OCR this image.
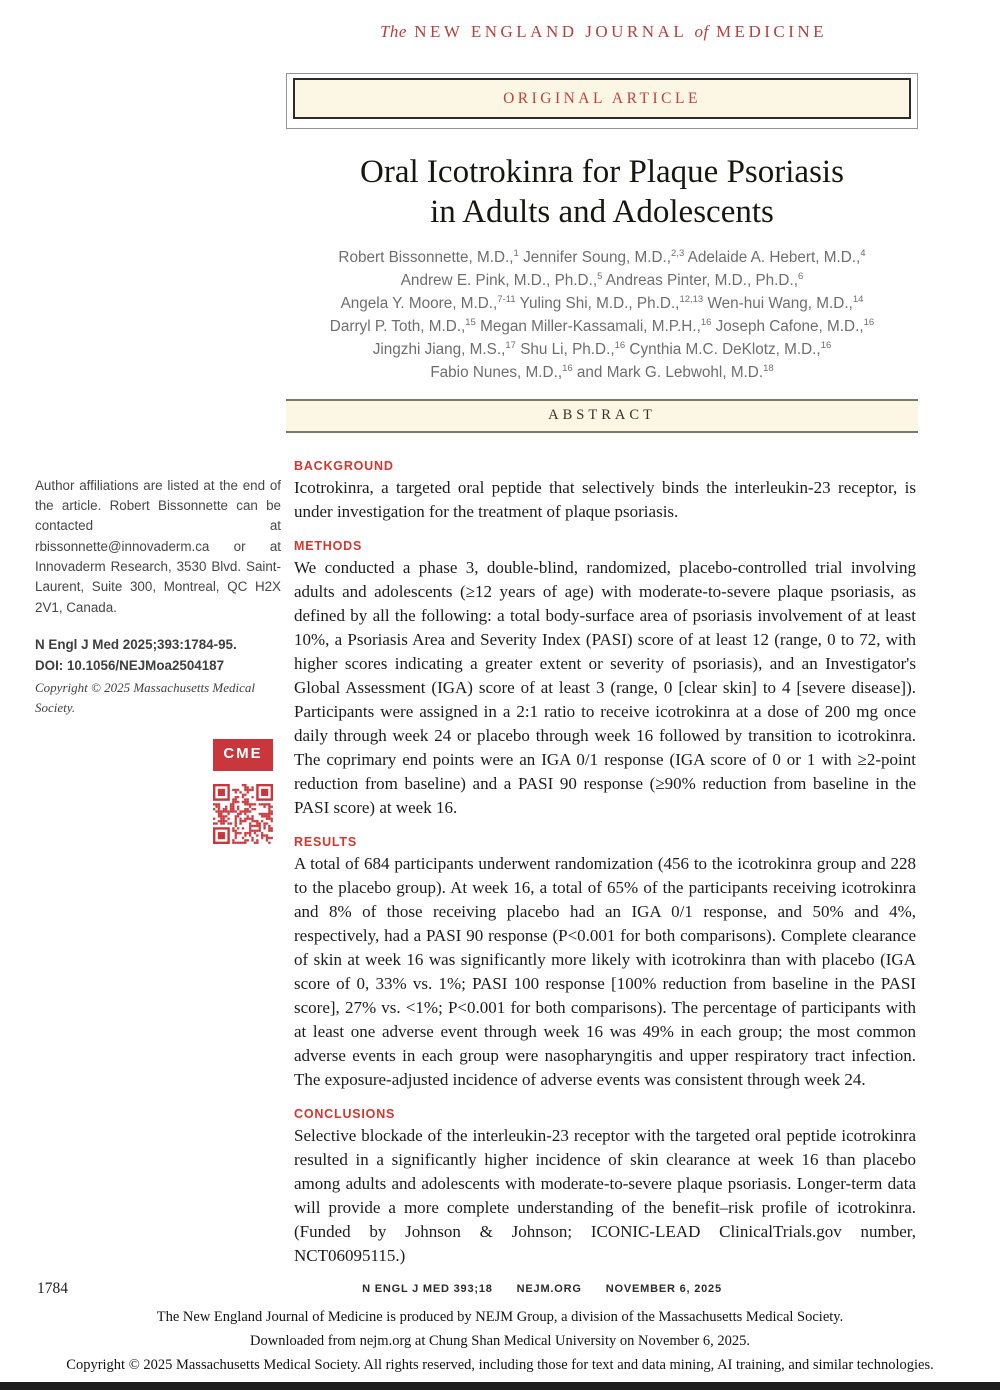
The NEW ENGLAND JOURNAL of MEDICINE
ORIGINAL ARTICLE
Oral Icotrokinra for Plaque Psoriasis
in Adults and Adolescents
Robert Bissonnette, M.D.,$^1$ Jennifer Soung, M.D.,$^{2,3}$ Adelaide A. Hebert, M.D.,$^4$
Andrew E. Pink, M.D., Ph.D.,$^5$ Andreas Pinter, M.D., Ph.D.,$^6$
Angela Y. Moore, M.D.,$^{7-11}$ Yuling Shi, M.D., Ph.D.,$^{12,13}$ Wen-hui Wang, M.D.,$^{14}$
Darryl P. Toth, M.D.,$^{15}$ Megan Miller-Kassamali, M.P.H.,$^{16}$ Joseph Cafone, M.D.,$^{16}$
Jingzhi Jiang, M.S.,$^{17}$ Shu Li, Ph.D.,$^{16}$ Cynthia M.C. DeKlotz, M.D.,$^{16}$
Fabio Nunes, M.D.,$^{16}$ and Mark G. Lebwohl, M.D.$^{18}$
ABSTRACT

Author affiliations are listed at the end of the article. Robert Bissonnette can be contacted at rbissonnette@innovaderm.ca or at Innovaderm Research, 3530 Blvd. Saint-Laurent, Suite 300, Montreal, QC H2X 2V1, Canada.

N Engl J Med 2025;393:1784-95.

DOI: 10.1056/NEJMoa2504187

Copyright © 2025 Massachusetts Medical Society.

CME
BACKGROUND

Icotrokinra, a targeted oral peptide that selectively binds the interleukin-23 receptor, is under investigation for the treatment of plaque psoriasis.

METHODS

We conducted a phase 3, double-blind, randomized, placebo-controlled trial involving adults and adolescents (≥12 years of age) with moderate-to-severe plaque psoriasis, as defined by all the following: a total body-surface area of psoriasis involvement of at least 10%, a Psoriasis Area and Severity Index (PASI) score of at least 12 (range, 0 to 72, with higher scores indicating a greater extent or severity of psoriasis), and an Investigator's Global Assessment (IGA) score of at least 3 (range, 0 [clear skin] to 4 [severe disease]). Participants were assigned in a 2:1 ratio to receive icotrokinra at a dose of 200 mg once daily through week 24 or placebo through week 16 followed by transition to icotrokinra. The coprimary end points were an IGA 0/1 response (IGA score of 0 or 1 with ≥2-point reduction from baseline) and a PASI 90 response (≥90% reduction from baseline in the PASI score) at week 16.

RESULTS

A total of 684 participants underwent randomization (456 to the icotrokinra group and 228 to the placebo group). At week 16, a total of 65% of the participants receiving icotrokinra and 8% of those receiving placebo had an IGA 0/1 response, and 50% and 4%, respectively, had a PASI 90 response (P<0.001 for both comparisons). Complete clearance of skin at week 16 was significantly more likely with icotrokinra than with placebo (IGA score of 0, 33% vs. 1%; PASI 100 response [100% reduction from baseline in the PASI score], 27% vs. <1%; P<0.001 for both comparisons). The percentage of participants with at least one adverse event through week 16 was 49% in each group; the most common adverse events in each group were nasopharyngitis and upper respiratory tract infection. The exposure-adjusted incidence of adverse events was consistent through week 24.

CONCLUSIONS

Selective blockade of the interleukin-23 receptor with the targeted oral peptide icotrokinra resulted in a significantly higher incidence of skin clearance at week 16 than placebo among adults and adolescents with moderate-to-severe plaque psoriasis. Longer-term data will provide a more complete understanding of the benefit–risk profile of icotrokinra. (Funded by Johnson & Johnson; ICONIC-LEAD ClinicalTrials.gov number, NCT06095115.)

1784	N ENGL J MED 393;18 NEJM.ORG NOVEMBER 6, 2025
The New England Journal of Medicine is produced by NEJM Group, a division of the Massachusetts Medical Society.
Downloaded from nejm.org at Chung Shan Medical University on November 6, 2025.
Copyright © 2025 Massachusetts Medical Society. All rights reserved, including those for text and data mining, AI training, and similar technologies.
